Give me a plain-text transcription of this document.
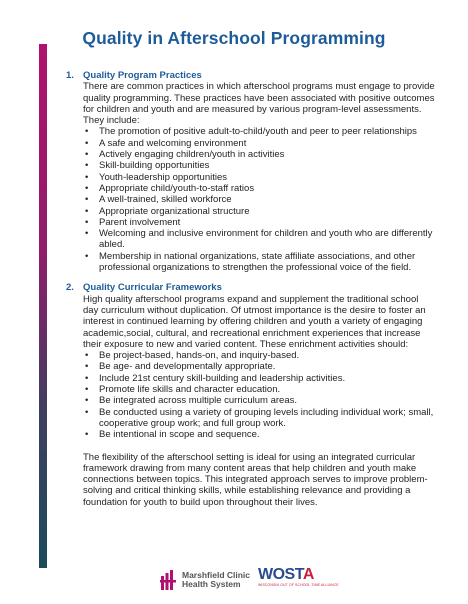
Quality in Afterschool Programming
1. Quality Program Practices

There are common practices in which afterschool programs must engage to provide quality programming. These practices have been associated with positive outcomes for children and youth and are measured by various program-level assessments. They include:

• The promotion of positive adult-to-child/youth and peer to peer relationships
• A safe and welcoming environment
• Actively engaging children/youth in activities
• Skill-building opportunities
• Youth-leadership opportunities
• Appropriate child/youth-to-staff ratios
• A well-trained, skilled workforce
• Appropriate organizational structure
• Parent involvement
• Welcoming and inclusive environment for children and youth who are differently abled.
• Membership in national organizations, state affiliate associations, and other professional organizations to strengthen the professional voice of the field.
2. Quality Curricular Frameworks

High quality afterschool programs expand and supplement the traditional school day curriculum without duplication. Of utmost importance is the desire to foster an interest in continued learning by offering children and youth a variety of engaging academic,social, cultural, and recreational enrichment experiences that increase their exposure to new and varied content. These enrichment activities should:

• Be project-based, hands-on, and inquiry-based.
• Be age- and developmentally appropriate.
• Include 21st century skill-building and leadership activities.
• Promote life skills and character education.
• Be integrated across multiple curriculum areas.
• Be conducted using a variety of grouping levels including individual work; small, cooperative group work; and full group work.
• Be intentional in scope and sequence.

The flexibility of the afterschool setting is ideal for using an integrated curricular framework drawing from many content areas that help children and youth make connections between topics. This integrated approach serves to improve problem-solving and critical thinking skills, while establishing relevance and providing a foundation for youth to build upon throughout their lives.

Marshfield Clinic
Health System
WOSTA
WISCONSIN OUT OF SCHOOL TIME ALLIANCE
